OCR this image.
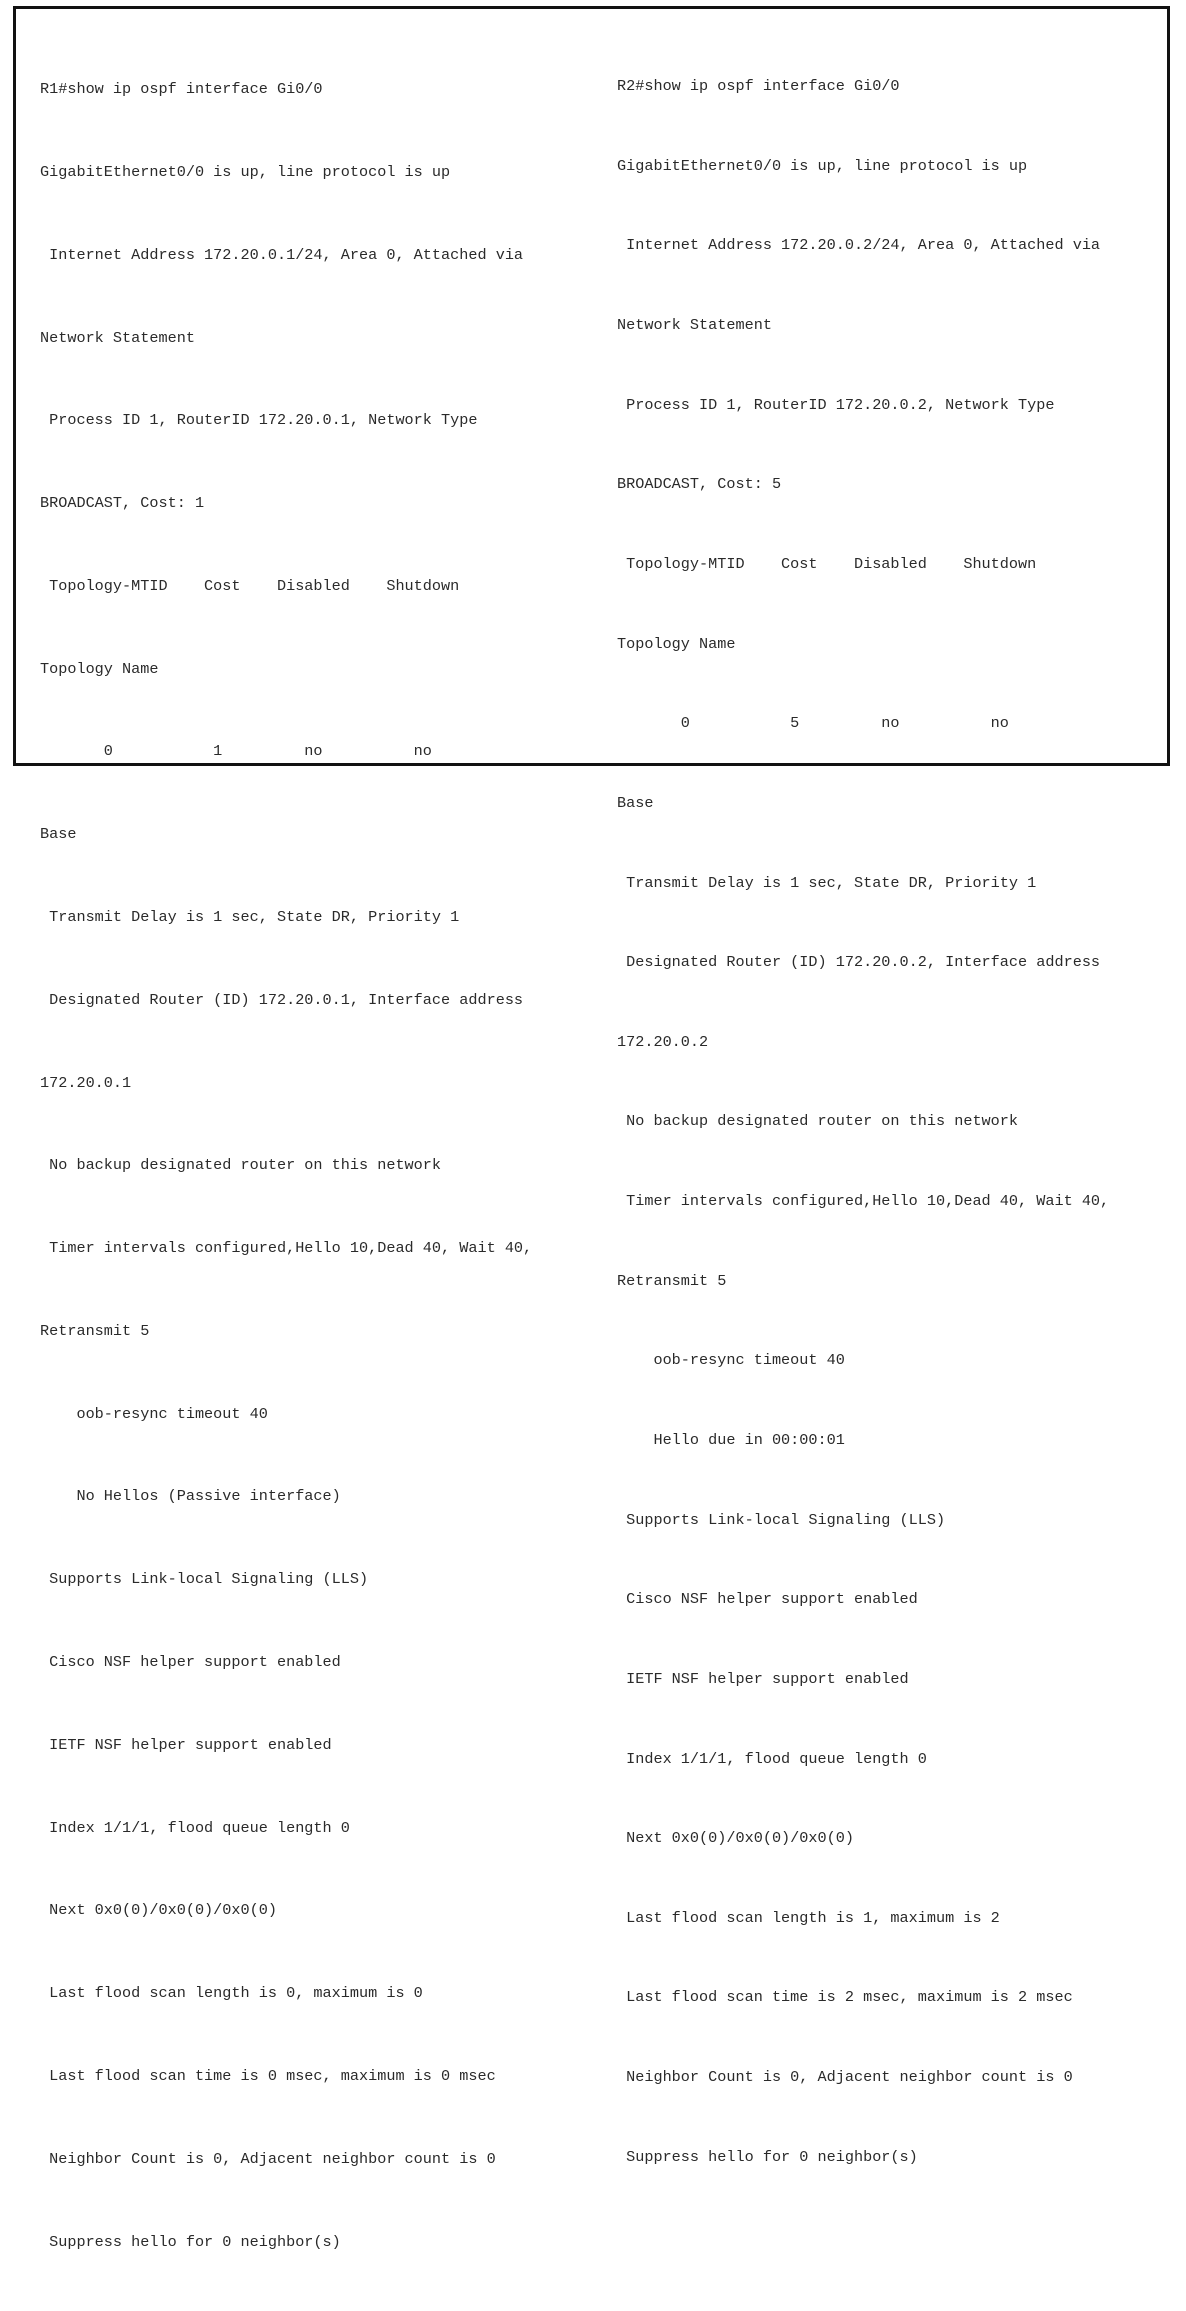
R1#show ip ospf interface Gi0/0

GigabitEthernet0/0 is up, line protocol is up

Internet Address 172.20.0.1/24, Area 0, Attached via

Network Statement

Process ID 1, RouterID 172.20.0.1, Network Type

BROADCAST, Cost: 1

Topology-MTID    Cost    Disabled    Shutdown

Topology Name

0           1         no          no

Base

Transmit Delay is 1 sec, State DR, Priority 1

Designated Router (ID) 172.20.0.1, Interface address

172.20.0.1

No backup designated router on this network

Timer intervals configured,Hello 10,Dead 40, Wait 40,

Retransmit 5

oob-resync timeout 40

No Hellos (Passive interface)

Supports Link-local Signaling (LLS)

Cisco NSF helper support enabled

IETF NSF helper support enabled

Index 1/1/1, flood queue length 0

Next 0x0(0)/0x0(0)/0x0(0)

Last flood scan length is 0, maximum is 0

Last flood scan time is 0 msec, maximum is 0 msec

Neighbor Count is 0, Adjacent neighbor count is 0

Suppress hello for 0 neighbor(s)

R2#show ip ospf interface Gi0/0

GigabitEthernet0/0 is up, line protocol is up

Internet Address 172.20.0.2/24, Area 0, Attached via

Network Statement

Process ID 1, RouterID 172.20.0.2, Network Type

BROADCAST, Cost: 5

Topology-MTID    Cost    Disabled    Shutdown

Topology Name

0           5         no          no

Base

Transmit Delay is 1 sec, State DR, Priority 1

Designated Router (ID) 172.20.0.2, Interface address

172.20.0.2

No backup designated router on this network

Timer intervals configured,Hello 10,Dead 40, Wait 40,

Retransmit 5

oob-resync timeout 40

Hello due in 00:00:01

Supports Link-local Signaling (LLS)

Cisco NSF helper support enabled

IETF NSF helper support enabled

Index 1/1/1, flood queue length 0

Next 0x0(0)/0x0(0)/0x0(0)

Last flood scan length is 1, maximum is 2

Last flood scan time is 2 msec, maximum is 2 msec

Neighbor Count is 0, Adjacent neighbor count is 0

Suppress hello for 0 neighbor(s)
